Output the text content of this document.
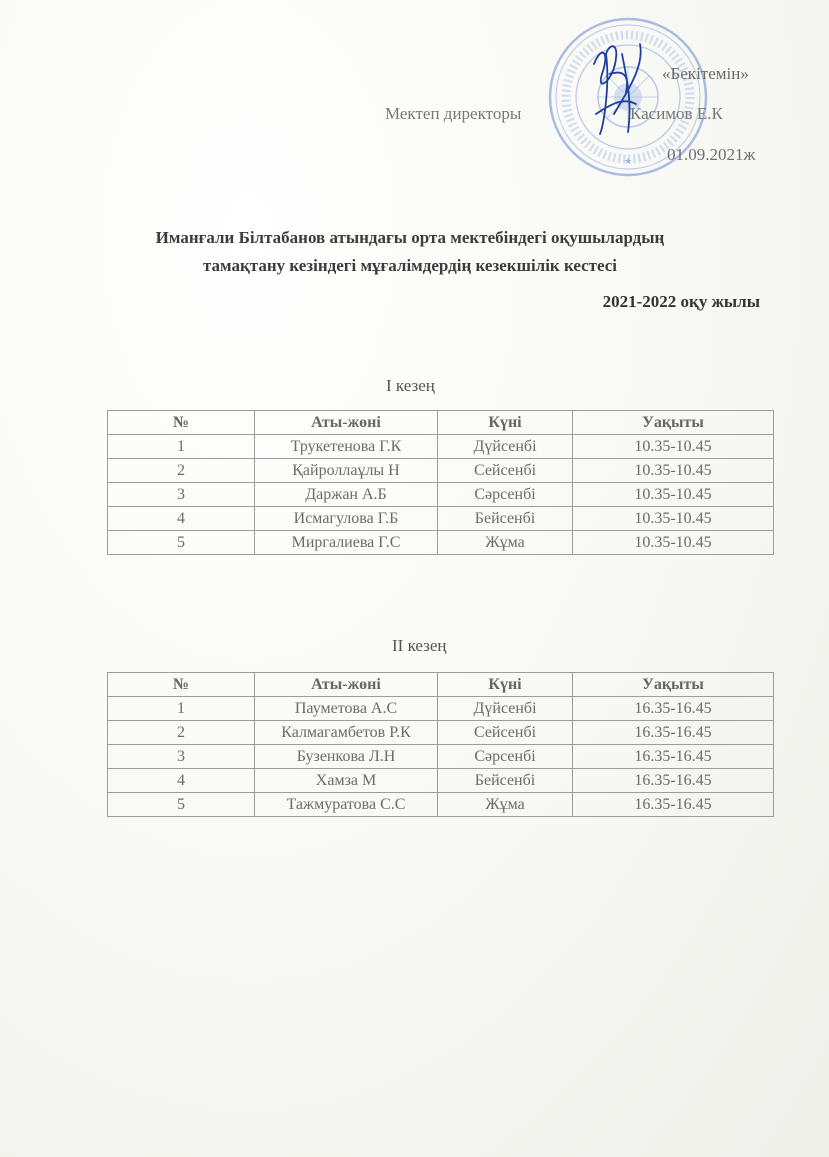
★
«Бекітемін»
Мектеп директоры	Касимов Е.К
01.09.2021ж
Иманғали Білтабанов атындағы орта мектебіндегі оқушылардың
тамақтану кезіндегі мұғалімдердің кезекшілік кестесі
2021-2022 оқу жылы
I кезең
№	Аты-жөні	Күні	Уақыты
1	Трукетенова Г.К	Дүйсенбі	10.35-10.45
2	Қайроллаұлы Н	Сейсенбі	10.35-10.45
3	Даржан А.Б	Сәрсенбі	10.35-10.45
4	Исмагулова Г.Б	Бейсенбі	10.35-10.45
5	Миргалиева Г.С	Жұма	10.35-10.45
II кезең
№	Аты-жөні	Күні	Уақыты
1	Пауметова А.С	Дүйсенбі	16.35-16.45
2	Калмагамбетов Р.К	Сейсенбі	16.35-16.45
3	Бузенкова Л.Н	Сәрсенбі	16.35-16.45
4	Хамза М	Бейсенбі	16.35-16.45
5	Тажмуратова С.С	Жұма	16.35-16.45
